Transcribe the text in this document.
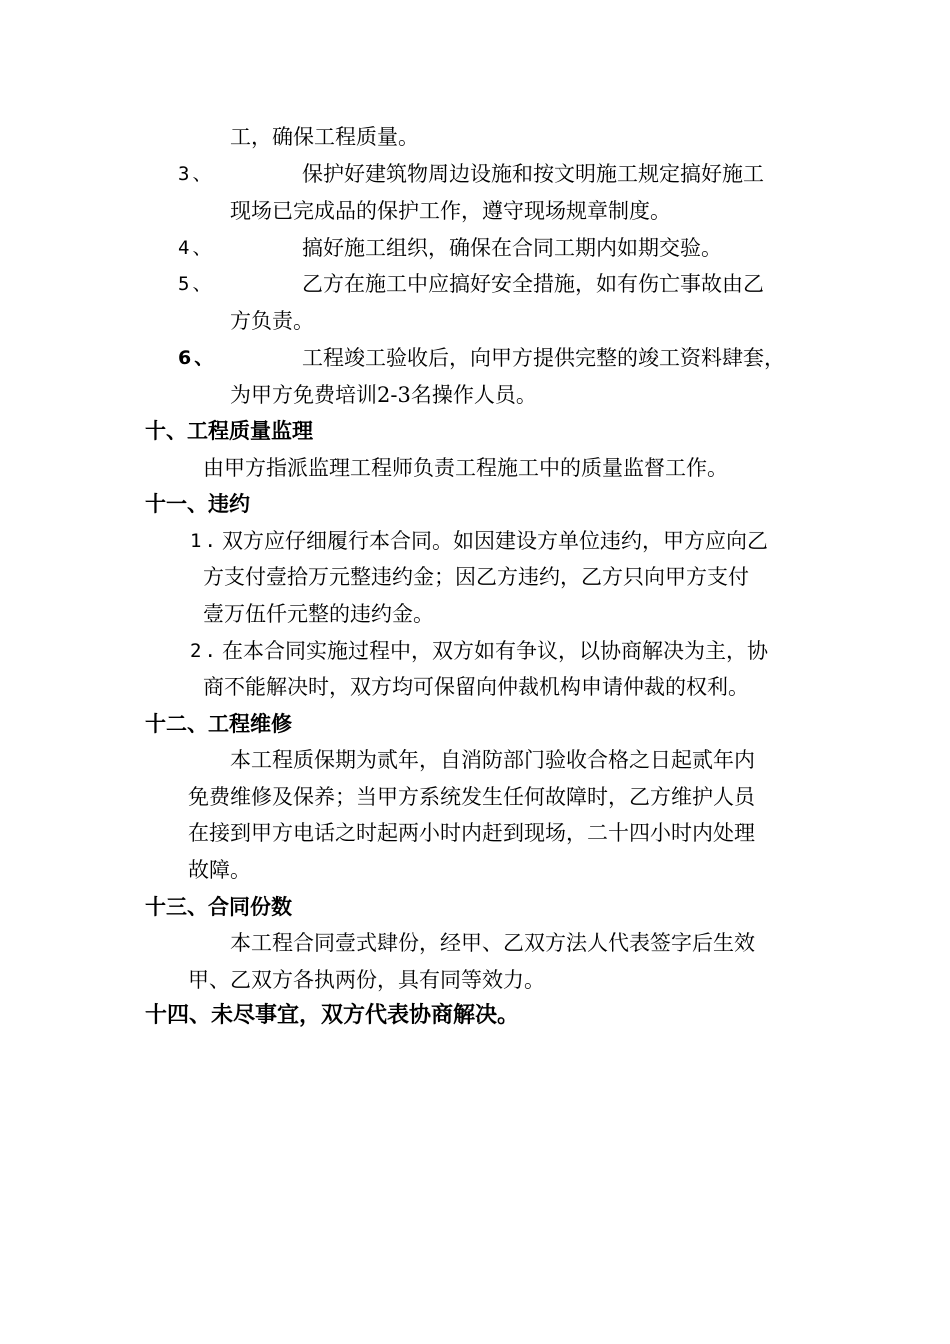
工，确保工程质量。
3、	保护好建筑物周边设施和按文明施工规定搞好施工
现场已完成品的保护工作，遵守现场规章制度。
4、	搞好施工组织，确保在合同工期内如期交验。
5、	乙方在施工中应搞好安全措施，如有伤亡事故由乙
方负责。
6、	工程竣工验收后，向甲方提供完整的竣工资料肆套，
为甲方免费培训2-3名操作人员。
十、工程质量监理
由甲方指派监理工程师负责工程施工中的质量监督工作。
十一、违约
1. 双方应仔细履行本合同。如因建设方单位违约，甲方应向乙
方支付壹拾万元整违约金；因乙方违约，乙方只向甲方支付
壹万伍仟元整的违约金。
2. 在本合同实施过程中，双方如有争议，以协商解决为主，协
商不能解决时，双方均可保留向仲裁机构申请仲裁的权利。
十二、工程维修
本工程质保期为贰年，自消防部门验收合格之日起贰年内
免费维修及保养；当甲方系统发生任何故障时，乙方维护人员
在接到甲方电话之时起两小时内赶到现场，二十四小时内处理
故障。
十三、合同份数
本工程合同壹式肆份，经甲、乙双方法人代表签字后生效
甲、乙双方各执两份，具有同等效力。
十四、未尽事宜，双方代表协商解决。
